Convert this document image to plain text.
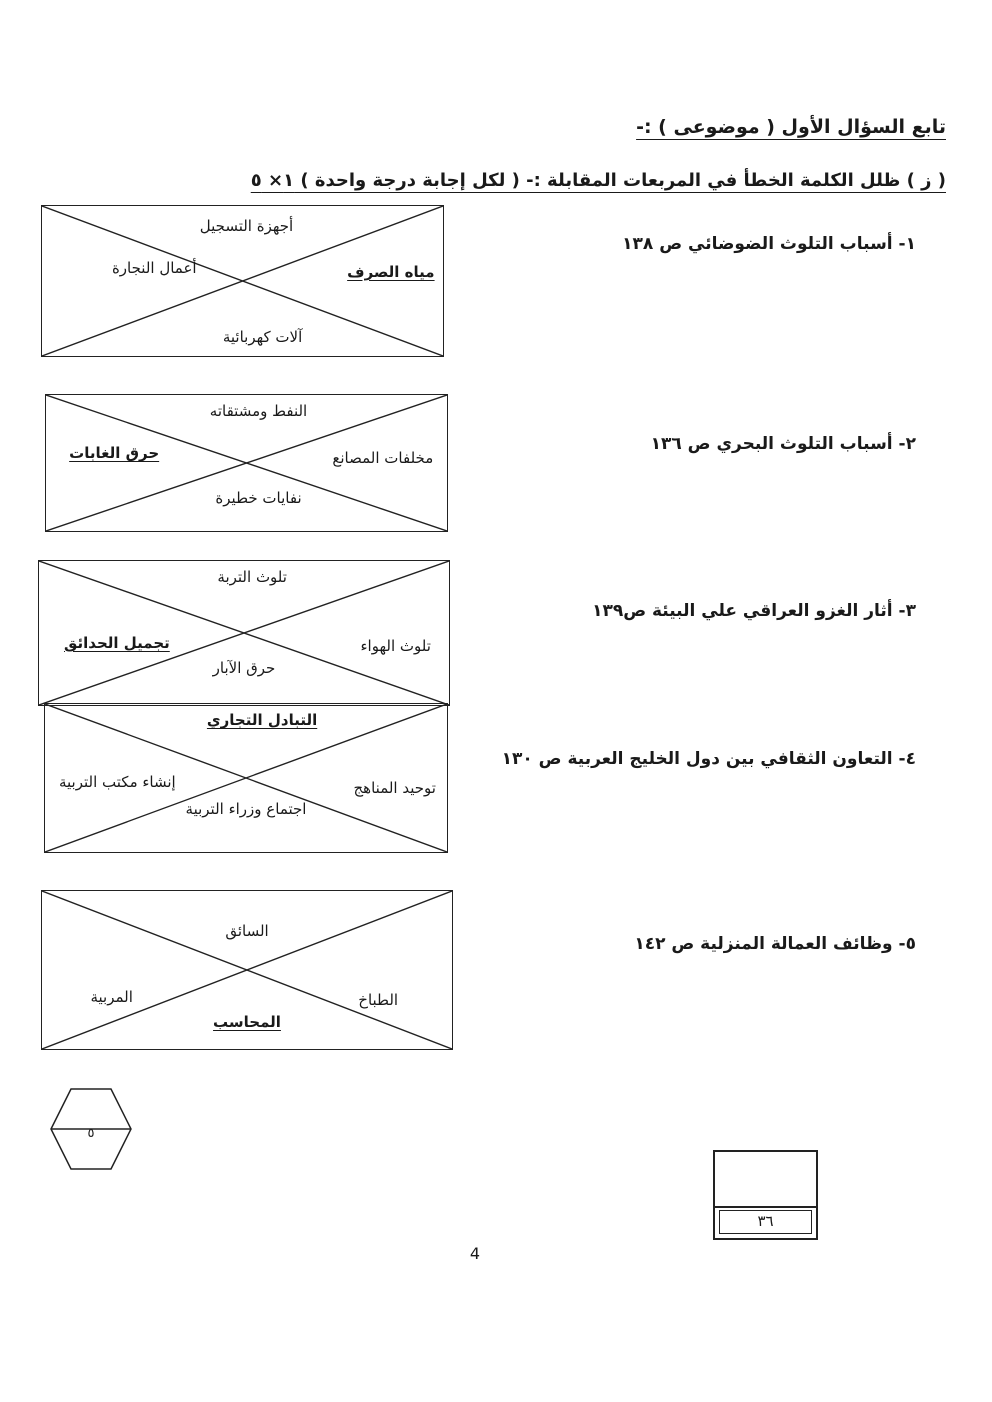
تابع السؤال الأول ( موضوعى ) :-
( ز ) ظلل الكلمة الخطأ في المربعات المقابلة :- ( لكل إجابة درجة واحدة ) ١× ٥
١- أسباب التلوث الضوضائي ص ١٣٨
أجهزة التسجيل
مياه الصرف
أعمال النجارة
آلات كهربائية
٢- أسباب التلوث البحري ص ١٣٦
النفط ومشتقاته
مخلفات المصانع
حرق الغابات
نفايات خطيرة
٣- أثار الغزو العراقي علي البيئة ص١٣٩
تلوث التربة
تلوث الهواء
تجميل الحدائق
حرق الآبار
٤- التعاون الثقافي بين دول الخليج العربية ص ١٣٠
التبادل التجاري
توحيد المناهج
إنشاء مكتب التربية
اجتماع وزراء التربية
٥- وظائف العمالة المنزلية ص ١٤٢
السائق
الطباخ
المربية
المحاسب
٥
٣٦
4
